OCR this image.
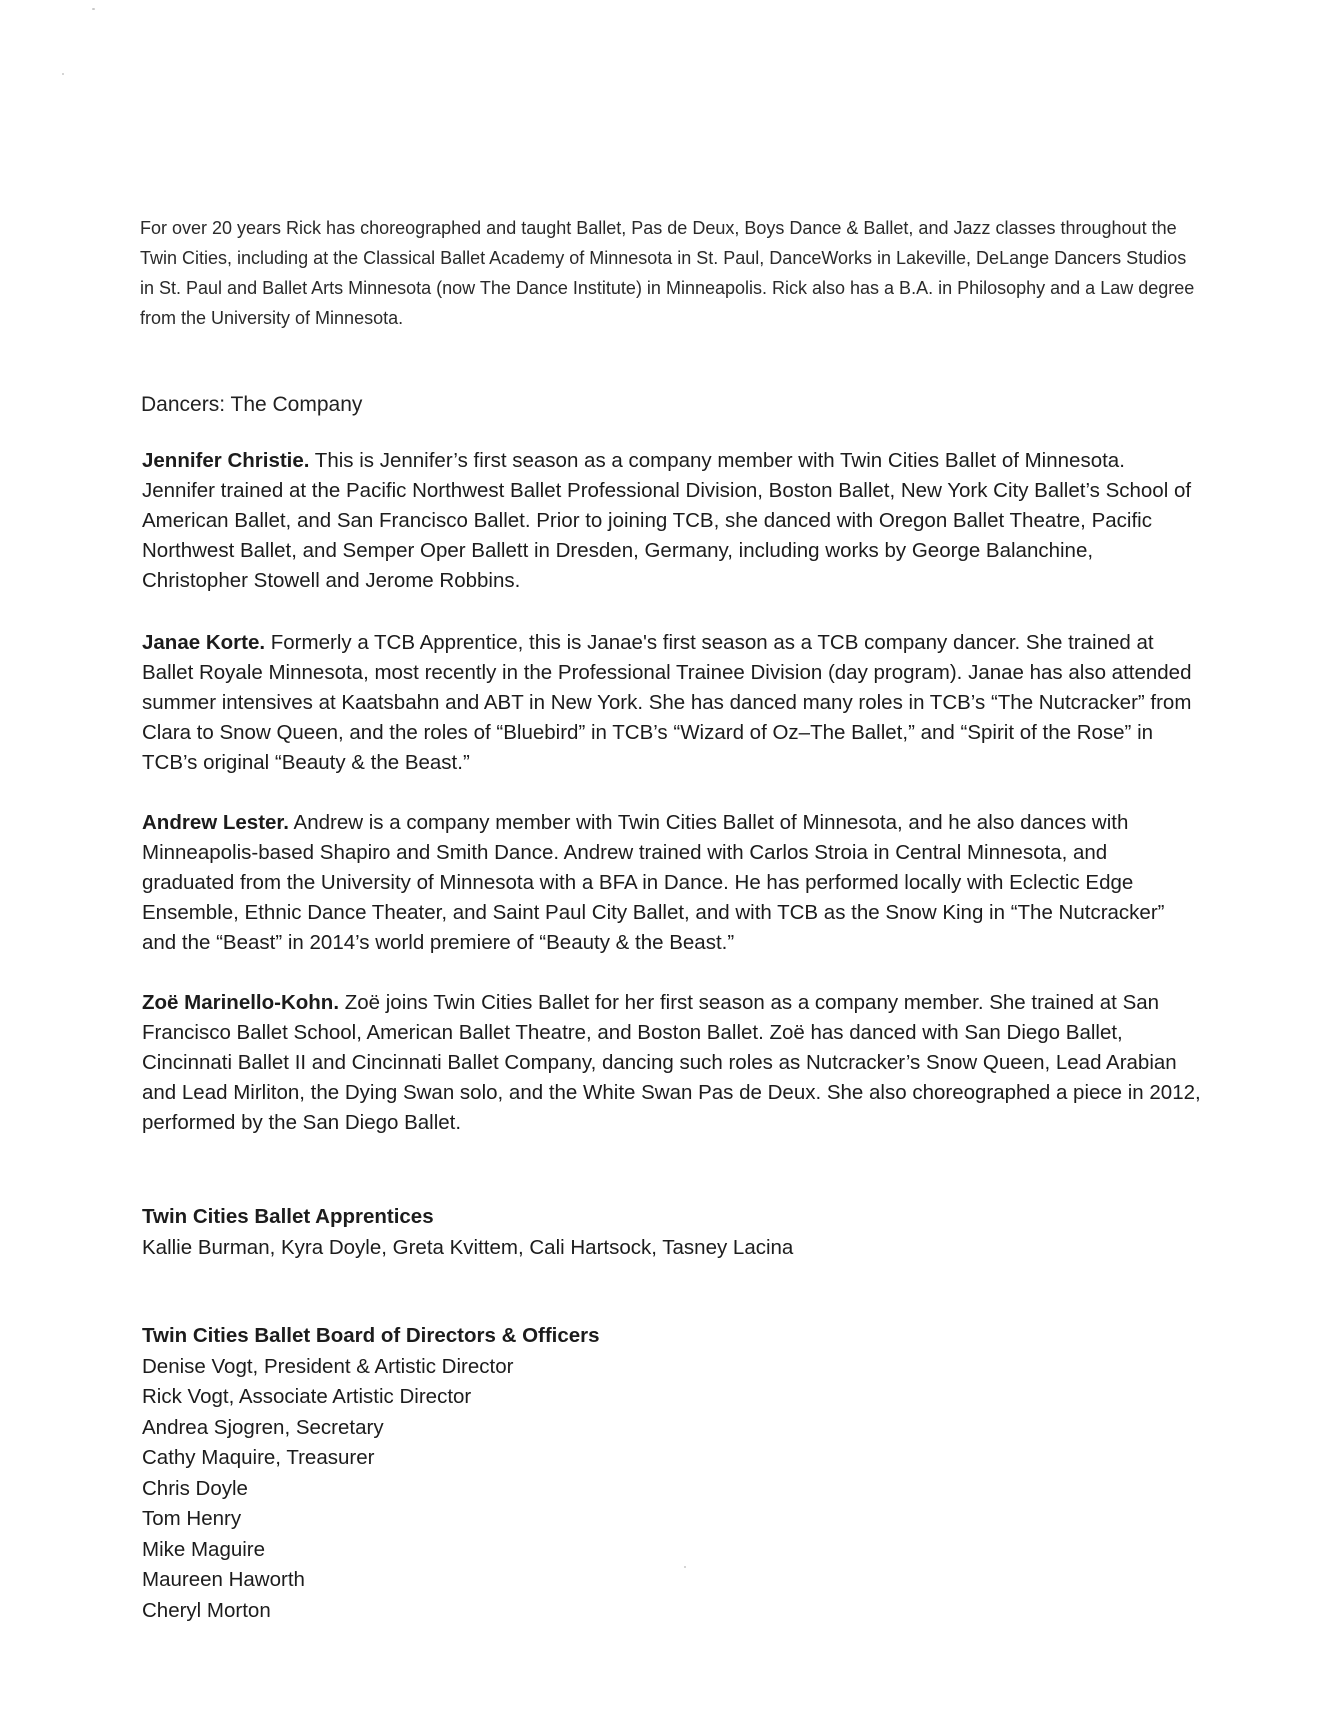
For over 20 years Rick has choreographed and taught Ballet, Pas de Deux, Boys Dance & Ballet, and Jazz classes throughout the Twin Cities, including at the Classical Ballet Academy of Minnesota in St. Paul, DanceWorks in Lakeville, DeLange Dancers Studios in St. Paul and Ballet Arts Minnesota (now The Dance Institute) in Minneapolis. Rick also has a B.A. in Philosophy and a Law degree from the University of Minnesota.

Dancers: The Company

Jennifer Christie. This is Jennifer’s first season as a company member with Twin Cities Ballet of Minnesota. Jennifer trained at the Pacific Northwest Ballet Professional Division, Boston Ballet, New York City Ballet’s School of American Ballet, and San Francisco Ballet. Prior to joining TCB, she danced with Oregon Ballet Theatre, Pacific Northwest Ballet, and Semper Oper Ballett in Dresden, Germany, including works by George Balanchine, Christopher Stowell and Jerome Robbins.

Janae Korte. Formerly a TCB Apprentice, this is Janae's first season as a TCB company dancer. She trained at Ballet Royale Minnesota, most recently in the Professional Trainee Division (day program). Janae has also attended summer intensives at Kaatsbahn and ABT in New York. She has danced many roles in TCB’s “The Nutcracker” from Clara to Snow Queen, and the roles of “Bluebird” in TCB’s “Wizard of Oz–The Ballet,” and “Spirit of the Rose” in TCB’s original “Beauty & the Beast.”

Andrew Lester. Andrew is a company member with Twin Cities Ballet of Minnesota, and he also dances with Minneapolis-based Shapiro and Smith Dance. Andrew trained with Carlos Stroia in Central Minnesota, and graduated from the University of Minnesota with a BFA in Dance. He has performed locally with Eclectic Edge Ensemble, Ethnic Dance Theater, and Saint Paul City Ballet, and with TCB as the Snow King in “The Nutcracker” and the “Beast” in 2014’s world premiere of “Beauty & the Beast.”

Zoë Marinello-Kohn. Zoë joins Twin Cities Ballet for her first season as a company member. She trained at San Francisco Ballet School, American Ballet Theatre, and Boston Ballet. Zoë has danced with San Diego Ballet, Cincinnati Ballet II and Cincinnati Ballet Company, dancing such roles as Nutcracker’s Snow Queen, Lead Arabian and Lead Mirliton, the Dying Swan solo, and the White Swan Pas de Deux. She also choreographed a piece in 2012, performed by the San Diego Ballet.

Twin Cities Ballet Apprentices
Kallie Burman, Kyra Doyle, Greta Kvittem, Cali Hartsock, Tasney Lacina
Twin Cities Ballet Board of Directors & Officers
Denise Vogt, President & Artistic Director
Rick Vogt, Associate Artistic Director
Andrea Sjogren, Secretary
Cathy Maquire, Treasurer
Chris Doyle
Tom Henry
Mike Maguire
Maureen Haworth
Cheryl Morton
